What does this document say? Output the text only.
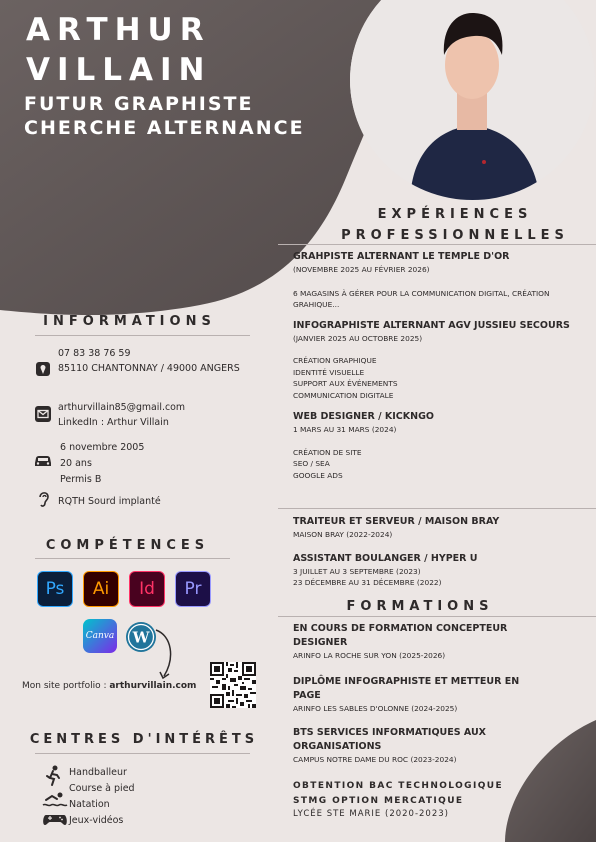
ARTHUR
VILLAIN
FUTUR GRAPHISTE
CHERCHE ALTERNANCE
EXPÉRIENCES
PROFESSIONNELLES
GRAHPISTE ALTERNANT LE TEMPLE D'OR
(NOVEMBRE 2025 AU FÉVRIER 2026)
6 MAGASINS À GÉRER POUR LA COMMUNICATION DIGITAL, CRÉATION
GRAHIQUE...
INFOGRAPHISTE ALTERNANT AGV JUSSIEU SECOURS
(JANVIER 2025 AU OCTOBRE 2025)
CRÉATION GRAPHIQUE
IDENTITÉ VISUELLE
SUPPORT AUX ÉVÉNEMENTS
COMMUNICATION DIGITALE
WEB DESIGNER / KICKNGO
1 MARS AU 31 MARS (2024)
CRÉATION DE SITE
SEO / SEA
GOOGLE ADS
TRAITEUR ET SERVEUR / MAISON BRAY
MAISON BRAY (2022-2024)
ASSISTANT BOULANGER / HYPER U
3 JUILLET AU 3 SEPTEMBRE (2023)
23 DÉCEMBRE AU 31 DÉCEMBRE (2022)
FORMATIONS
EN COURS DE FORMATION CONCEPTEUR
DESIGNER
ARINFO LA ROCHE SUR YON (2025-2026)
DIPLÔME INFOGRAPHISTE ET METTEUR EN
PAGE
ARINFO LES SABLES D'OLONNE (2024-2025)
BTS SERVICES INFORMATIQUES AUX
ORGANISATIONS
CAMPUS NOTRE DAME DU ROC (2023-2024)
OBTENTION BAC TECHNOLOGIQUE
STMG OPTION MERCATIQUE
LYCÉE STE MARIE (2020-2023)
INFORMATIONS
07 83 38 76 59
85110 CHANTONNAY / 49000 ANGERS
arthurvillain85@gmail.com
LinkedIn : Arthur Villain
6 novembre 2005
20 ans
Permis B
RQTH Sourd implanté
COMPÉTENCES
Ps Ai Id Pr
Canva W
Mon site portfolio : arthurvillain.com
CENTRES D'INTÉRÊTS
Handballeur
Course à pied
Natation
Jeux-vidéos
